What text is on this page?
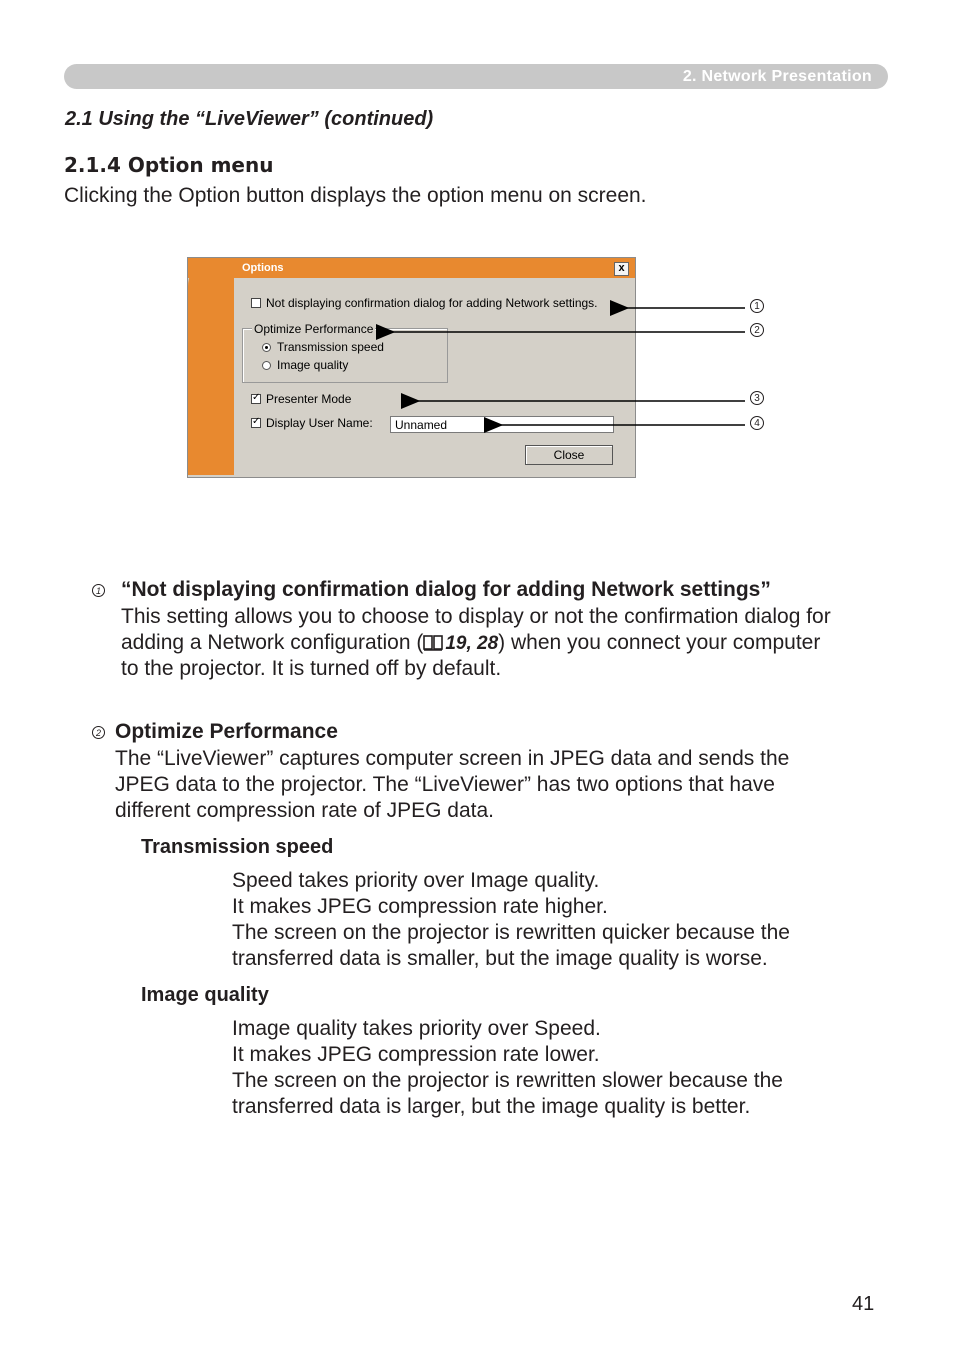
2. Network Presentation
2.1 Using the “LiveViewer” (continued)
2.1.4 Option menu
Clicking the Option button displays the option menu on screen.
Options	x
Not displaying confirmation dialog for adding Network settings.
Optimize Performance
Transmission speed
Image quality
✓
Presenter Mode
✓
Display User Name:	Unnamed
Close
1
2
3
4
1 “Not displaying confirmation dialog for adding Network settings”
This setting allows you to choose to display or not the confirmation dialog for
adding a Network configuration ( 19, 28) when you connect your computer
to the projector. It is turned off by default.
2 Optimize Performance
The “LiveViewer” captures computer screen in JPEG data and sends the
JPEG data to the projector. The “LiveViewer” has two options that have
different compression rate of JPEG data.
Transmission speed
Speed takes priority over Image quality.
It makes JPEG compression rate higher.
The screen on the projector is rewritten quicker because the
transferred data is smaller, but the image quality is worse.
Image quality
Image quality takes priority over Speed.
It makes JPEG compression rate lower.
The screen on the projector is rewritten slower because the
transferred data is larger, but the image quality is better.
41
